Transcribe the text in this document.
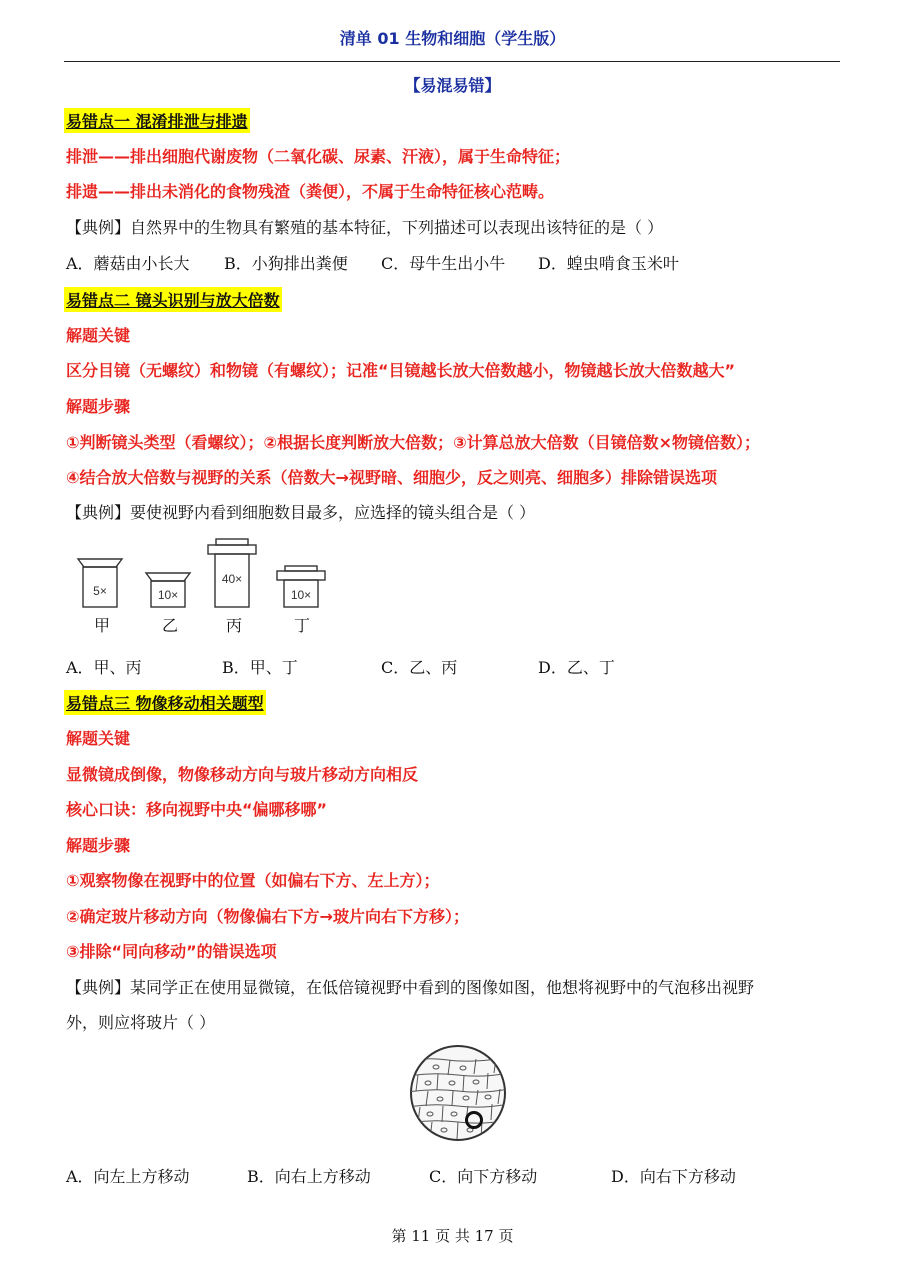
清单 01 生物和细胞（学生版）
【易混易错】
易错点一 混淆排泄与排遗
排泄——排出细胞代谢废物（二氧化碳、尿素、汗液），属于生命特征；
排遗——排出未消化的食物残渣（粪便），不属于生命特征核心范畴。
【典例】自然界中的生物具有繁殖的基本特征，下列描述可以表现出该特征的是（ ）
A．蘑菇由小长大 B．小狗排出粪便 C．母牛生出小牛 D．蝗虫啃食玉米叶
易错点二 镜头识别与放大倍数
解题关键
区分目镜（无螺纹）和物镜（有螺纹）；记准“目镜越长放大倍数越小，物镜越长放大倍数越大”
解题步骤
①判断镜头类型（看螺纹）；②根据长度判断放大倍数；③计算总放大倍数（目镜倍数×物镜倍数）；
④结合放大倍数与视野的关系（倍数大→视野暗、细胞少，反之则亮、细胞多）排除错误选项
【典例】要使视野内看到细胞数目最多，应选择的镜头组合是（ ）
5×	10×
40×
10×
甲	乙	丙	丁
A．甲、丙	B．甲、丁	C．乙、丙	D．乙、丁
易错点三 物像移动相关题型
解题关键
显微镜成倒像，物像移动方向与玻片移动方向相反
核心口诀：移向视野中央“偏哪移哪”
解题步骤
①观察物像在视野中的位置（如偏右下方、左上方）；
②确定玻片移动方向（物像偏右下方→玻片向右下方移）；
③排除“同向移动”的错误选项
【典例】某同学正在使用显微镜，在低倍镜视野中看到的图像如图，他想将视野中的气泡移出视野
外，则应将玻片（ ）
A．向左上方移动	B．向右上方移动	C．向下方移动	D．向右下方移动
第 11 页 共 17 页
